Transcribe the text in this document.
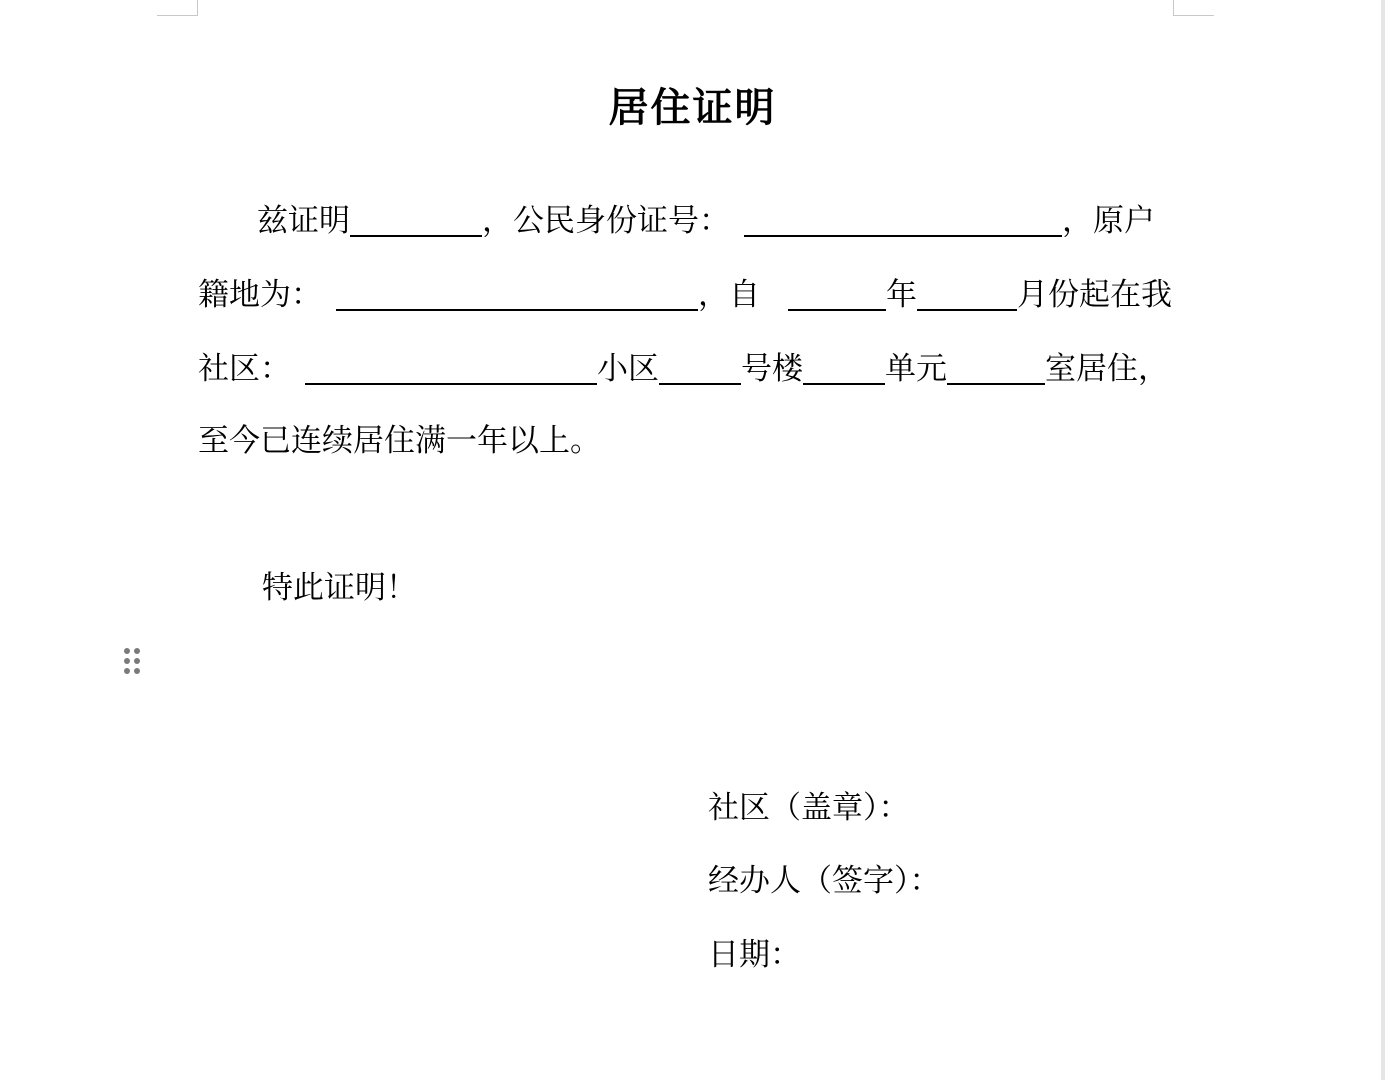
居住证明
兹证明	，公民身份证号：	，原户
籍地为：	，自	年	月份起在我
社区：	小区	号楼	单元	室居住，
至今已连续居住满一年以上。
特此证明！
社区（盖章）：
经办人（签字）：
日期：
